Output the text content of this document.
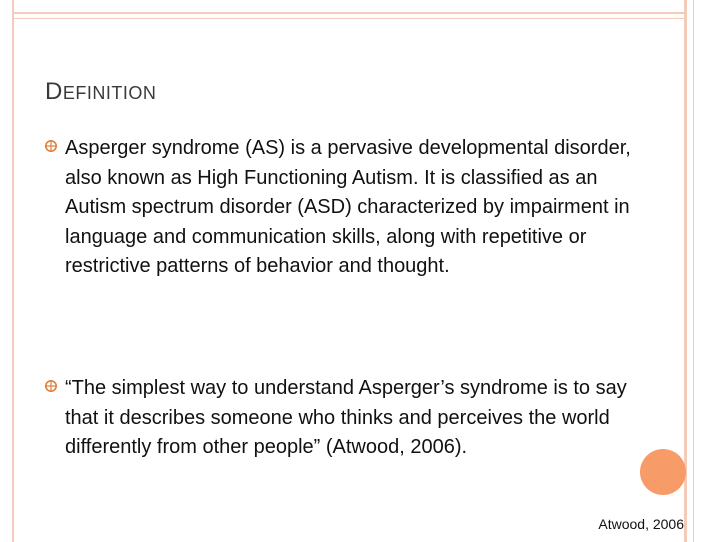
DEFINITION
Asperger syndrome (AS) is a pervasive developmental disorder, also known as High Functioning Autism. It is classified as an Autism spectrum disorder (ASD) characterized by impairment in language and communication skills, along with repetitive or restrictive patterns of behavior and thought.
“The simplest way to understand Asperger’s syndrome is to say that it describes someone who thinks and perceives the world differently from other people” (Atwood, 2006).
Atwood, 2006
